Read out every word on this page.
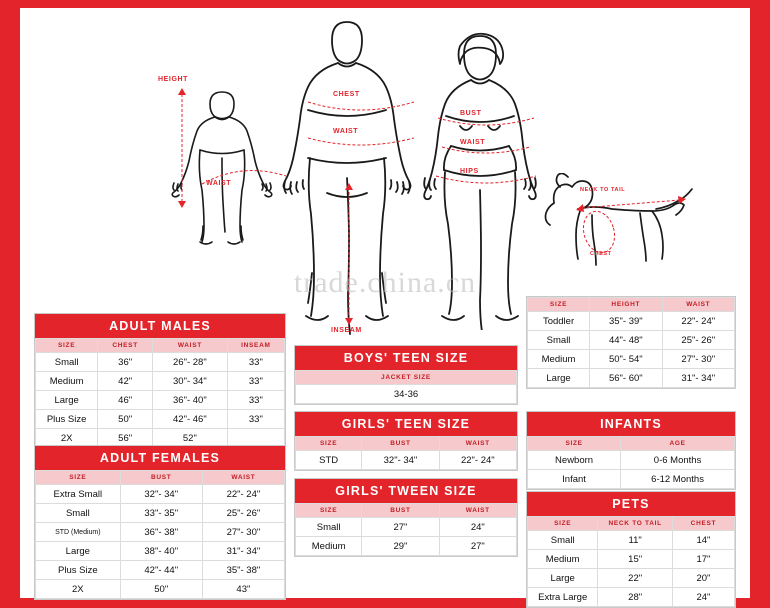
HEIGHT
WAIST
CHEST
WAIST
INSEAM
BUST
WAIST
HIPS
NECK TO TAIL
CHEST
trade.china.cn
ADULT MALES
SIZE	CHEST	WAIST	INSEAM
Small	36"	26"- 28"	33"
Medium	42"	30"- 34"	33"
Large	46"	36"- 40"	33"
Plus Size	50"	42"- 46"	33"
2X	56"	52"	
ADULT FEMALES
SIZE	BUST	WAIST
Extra Small	32"- 34"	22"- 24"
Small	33"- 35"	25"- 26"
STD (Medium)	36"- 38"	27"- 30"
Large	38"- 40"	31"- 34"
Plus Size	42"- 44"	35"- 38"
2X	50"	43"
BOYS' TEEN SIZE
JACKET SIZE
34-36
GIRLS' TEEN SIZE
SIZE	BUST	WAIST
STD	32"- 34"	22"- 24"
GIRLS' TWEEN SIZE
SIZE	BUST	WAIST
Small	27"	24"
Medium	29"	27"
SIZE	HEIGHT	WAIST
Toddler	35"- 39"	22"- 24"
Small	44"- 48"	25"- 26"
Medium	50"- 54"	27"- 30"
Large	56"- 60"	31"- 34"
INFANTS
SIZE	AGE
Newborn	0-6 Months
Infant	6-12 Months
PETS
SIZE	NECK TO TAIL	CHEST
Small	11"	14"
Medium	15"	17"
Large	22"	20"
Extra Large	28"	24"
